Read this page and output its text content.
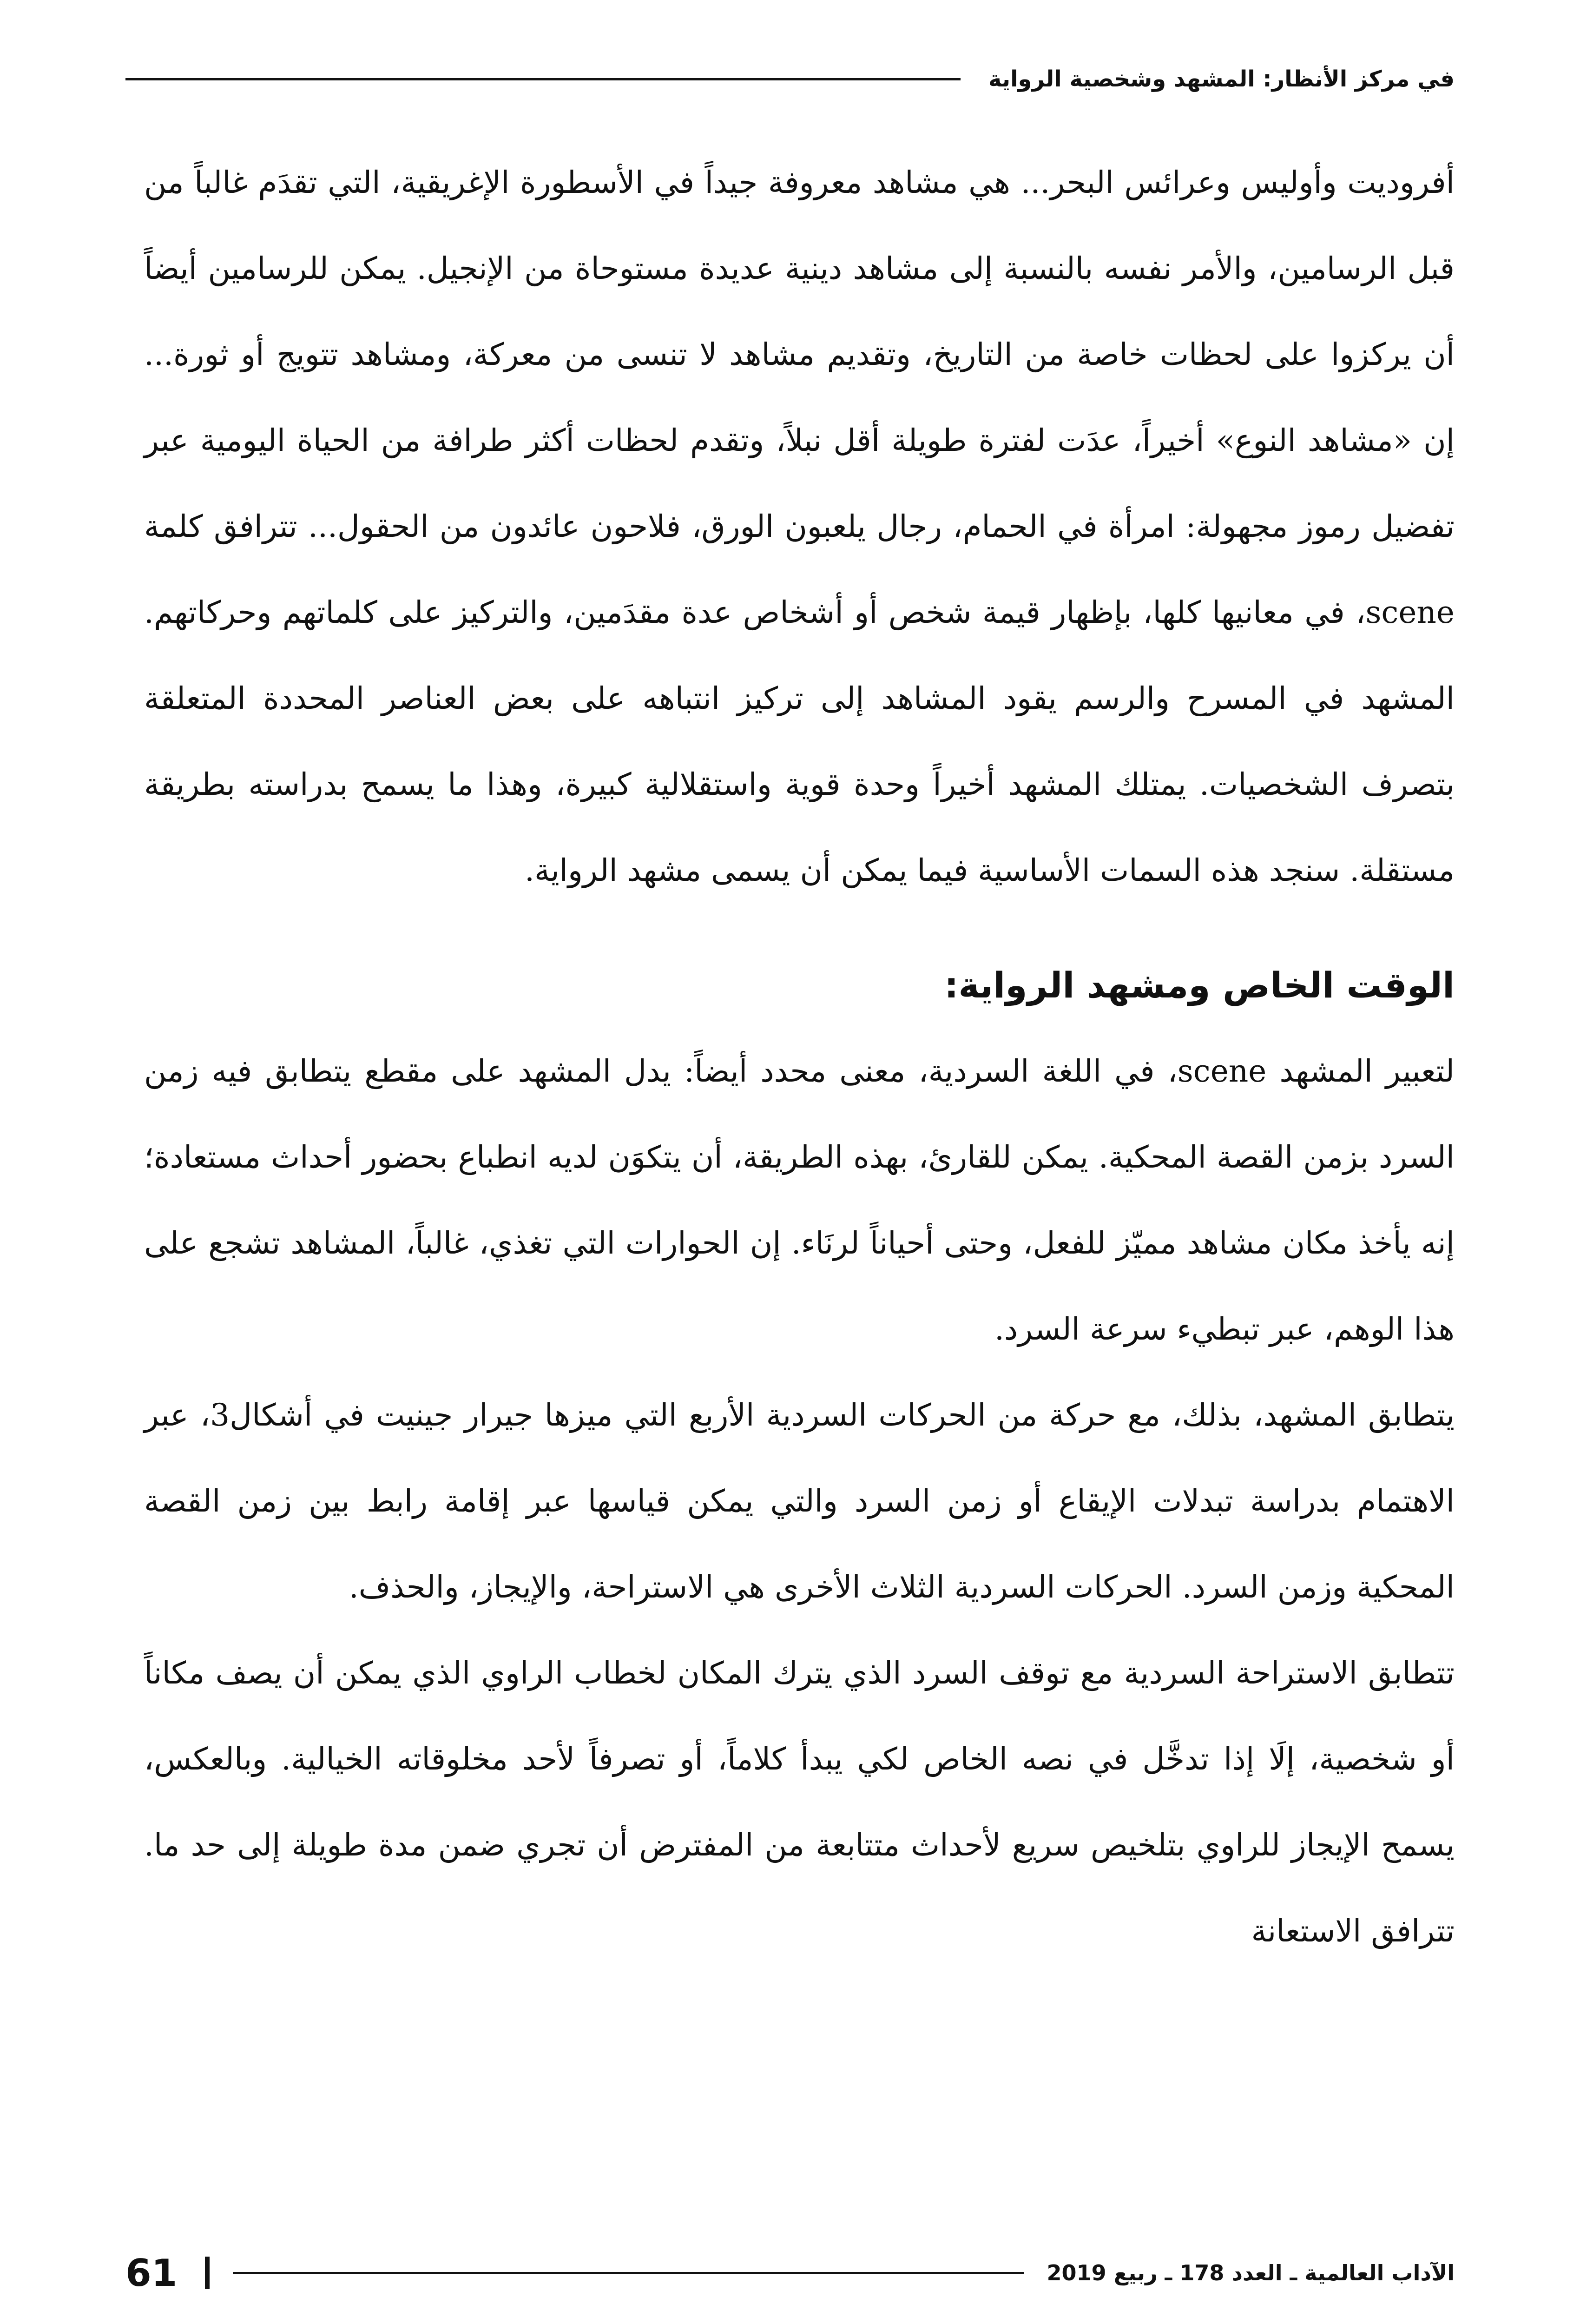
في مركز الأنظار: المشهد وشخصية الرواية

أفروديت وأوليس وعرائس البحر... هي مشاهد معروفة جيداً في الأسطورة الإغريقية، التي تقدَم غالباً من قبل الرسامين، والأمر نفسه بالنسبة إلى مشاهد دينية عديدة مستوحاة من الإنجيل. يمكن للرسامين أيضاً أن يركزوا على لحظات خاصة من التاريخ، وتقديم مشاهد لا تنسى من معركة، ومشاهد تتويج أو ثورة... إن «مشاهد النوع» أخيراً، عدَت لفترة طويلة أقل نبلاً، وتقدم لحظات أكثر طرافة من الحياة اليومية عبر تفضيل رموز مجهولة: امرأة في الحمام، رجال يلعبون الورق، فلاحون عائدون من الحقول... تترافق كلمة scene، في معانيها كلها، بإظهار قيمة شخص أو أشخاص عدة مقدَمين، والتركيز على كلماتهم وحركاتهم. المشهد في المسرح والرسم يقود المشاهد إلى تركيز انتباهه على بعض العناصر المحددة المتعلقة بتصرف الشخصيات. يمتلك المشهد أخيراً وحدة قوية واستقلالية كبيرة، وهذا ما يسمح بدراسته بطريقة مستقلة. سنجد هذه السمات الأساسية فيما يمكن أن يسمى مشهد الرواية.

الوقت الخاص ومشهد الرواية:

لتعبير المشهد scene، في اللغة السردية، معنى محدد أيضاً: يدل المشهد على مقطع يتطابق فيه زمن السرد بزمن القصة المحكية. يمكن للقارئ، بهذه الطريقة، أن يتكوَن لديه انطباع بحضور أحداث مستعادة؛ إنه يأخذ مكان مشاهد مميّز للفعل، وحتى أحياناً لرنَاء. إن الحوارات التي تغذي، غالباً، المشاهد تشجع على هذا الوهم، عبر تبطيء سرعة السرد.

يتطابق المشهد، بذلك، مع حركة من الحركات السردية الأربع التي ميزها جيرار جينيت في أشكال3، عبر الاهتمام بدراسة تبدلات الإيقاع أو زمن السرد والتي يمكن قياسها عبر إقامة رابط بين زمن القصة المحكية وزمن السرد. الحركات السردية الثلاث الأخرى هي الاستراحة، والإيجاز، والحذف.

تتطابق الاستراحة السردية مع توقف السرد الذي يترك المكان لخطاب الراوي الذي يمكن أن يصف مكاناً أو شخصية، إلَا إذا تدخَّل في نصه الخاص لكي يبدأ كلاماً، أو تصرفاً لأحد مخلوقاته الخيالية. وبالعكس، يسمح الإيجاز للراوي بتلخيص سريع لأحداث متتابعة من المفترض أن تجري ضمن مدة طويلة إلى حد ما. تترافق الاستعانة

الآداب العالمية ـ العدد 178 ـ ربيع 2019
61
